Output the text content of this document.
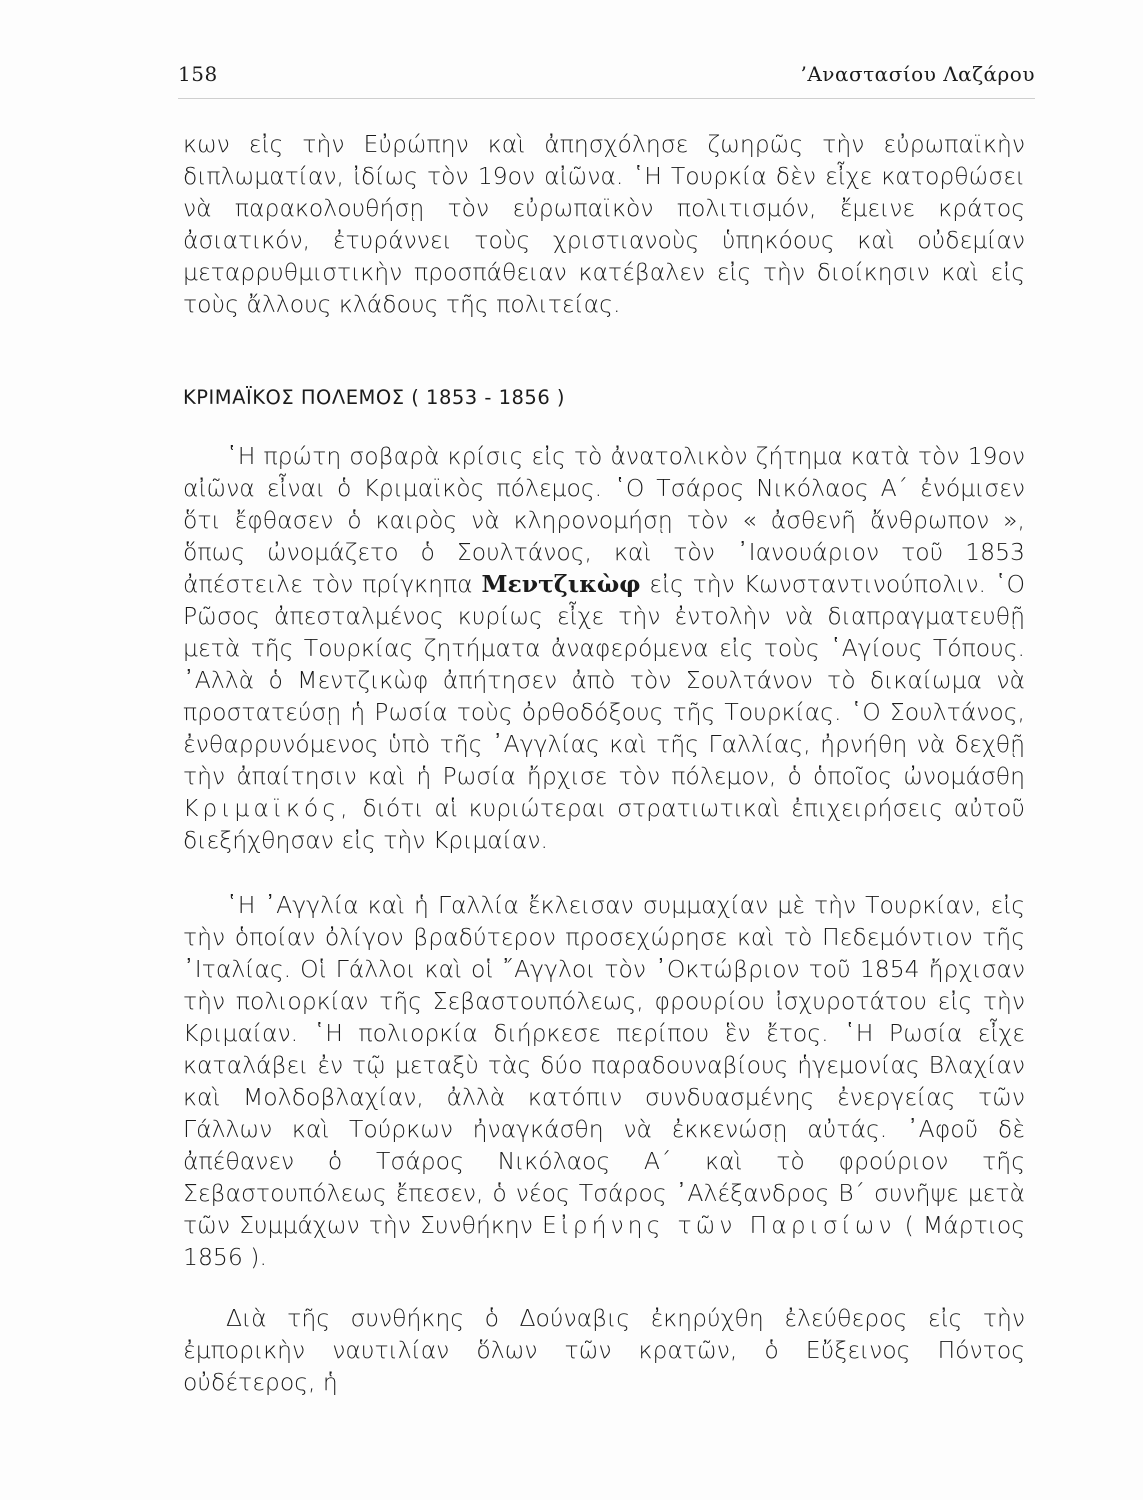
158	’Αναστασίου Λαζάρου

κων εἰς τὴν Εὐρώπην καὶ ἀπησχόλησε ζωηρῶς τὴν εὐρωπαϊκὴν διπλωματίαν, ἰδίως τὸν 19ον αἰῶνα. ῾Η Τουρκία δὲν εἶχε κατορθώσει νὰ παρακολουθήσῃ τὸν εὐρωπαϊκὸν πολιτισμόν, ἔμεινε κράτος ἀσιατικόν, ἐτυράννει τοὺς χριστιανοὺς ὑπηκόους καὶ οὐδεμίαν μεταρρυθμιστικὴν προσπάθειαν κατέβαλεν εἰς τὴν διοίκησιν καὶ εἰς τοὺς ἄλλους κλάδους τῆς πολιτείας.

ΚΡΙΜΑΪΚΟΣ ΠΟΛΕΜΟΣ ( 1853 - 1856 )

῾Η πρώτη σοβαρὰ κρίσις εἰς τὸ ἀνατολικὸν ζήτημα κατὰ τὸν 19ον αἰῶνα εἶναι ὁ Κριμαϊκὸς πόλεμος. ῾Ο Τσάρος Νικόλαος Α΄ ἐνόμισεν ὅτι ἔφθασεν ὁ καιρὸς νὰ κληρονομήσῃ τὸν « ἀσθενῆ ἄνθρωπον », ὅπως ὠνομάζετο ὁ Σουλτάνος, καὶ τὸν ᾿Ιανουάριον τοῦ 1853 ἀπέστειλε τὸν πρίγκηπα Μεντζικὼφ εἰς τὴν Κωνσταντινούπολιν. ῾Ο Ρῶσος ἀπεσταλμένος κυρίως εἶχε τὴν ἐντολὴν νὰ διαπραγματευθῇ μετὰ τῆς Τουρκίας ζητήματα ἀναφερόμενα εἰς τοὺς ῾Αγίους Τόπους. ᾿Αλλὰ ὁ Μεντζικὼφ ἀπήτησεν ἀπὸ τὸν Σουλτάνον τὸ δικαίωμα νὰ προστατεύσῃ ἡ Ρωσία τοὺς ὀρθοδόξους τῆς Τουρκίας. ῾Ο Σουλτάνος, ἐνθαρρυνόμενος ὑπὸ τῆς ᾿Αγγλίας καὶ τῆς Γαλλίας, ἠρνήθη νὰ δεχθῇ τὴν ἀπαίτησιν καὶ ἡ Ρωσία ἤρχισε τὸν πόλεμον, ὁ ὁποῖος ὠνομάσθη Κριμαϊκός, διότι αἱ κυριώτεραι στρατιωτικαὶ ἐπιχειρήσεις αὐτοῦ διεξήχθησαν εἰς τὴν Κριμαίαν.

῾Η ᾿Αγγλία καὶ ἡ Γαλλία ἔκλεισαν συμμαχίαν μὲ τὴν Τουρκίαν, εἰς τὴν ὁποίαν ὀλίγον βραδύτερον προσεχώρησε καὶ τὸ Πεδεμόντιον τῆς ᾿Ιταλίας. Οἱ Γάλλοι καὶ οἱ ῎Αγγλοι τὸν ᾿Οκτώβριον τοῦ 1854 ἤρχισαν τὴν πολιορκίαν τῆς Σεβαστουπόλεως, φρουρίου ἰσχυροτάτου εἰς τὴν Κριμαίαν. ῾Η πολιορκία διήρκεσε περίπου ἓν ἔτος. ῾Η Ρωσία εἶχε καταλάβει ἐν τῷ μεταξὺ τὰς δύο παραδουναβίους ἡγεμονίας Βλαχίαν καὶ Μολδοβλαχίαν, ἀλλὰ κατόπιν συνδυασμένης ἐνεργείας τῶν Γάλλων καὶ Τούρκων ἠναγκάσθη νὰ ἐκκενώσῃ αὐτάς. ᾿Αφοῦ δὲ ἀπέθανεν ὁ Τσάρος Νικόλαος Α΄ καὶ τὸ φρούριον τῆς Σεβαστουπόλεως ἔπεσεν, ὁ νέος Τσάρος ᾿Αλέξανδρος Β΄ συνῆψε μετὰ τῶν Συμμάχων τὴν Συνθήκην Εἰρήνης τῶν Παρισίων ( Μάρτιος 1856 ).

Διὰ τῆς συνθήκης ὁ Δούναβις ἐκηρύχθη ἐλεύθερος εἰς τὴν ἐμπορικὴν ναυτιλίαν ὅλων τῶν κρατῶν, ὁ Εὔξεινος Πόντος οὐδέτερος, ἡ
